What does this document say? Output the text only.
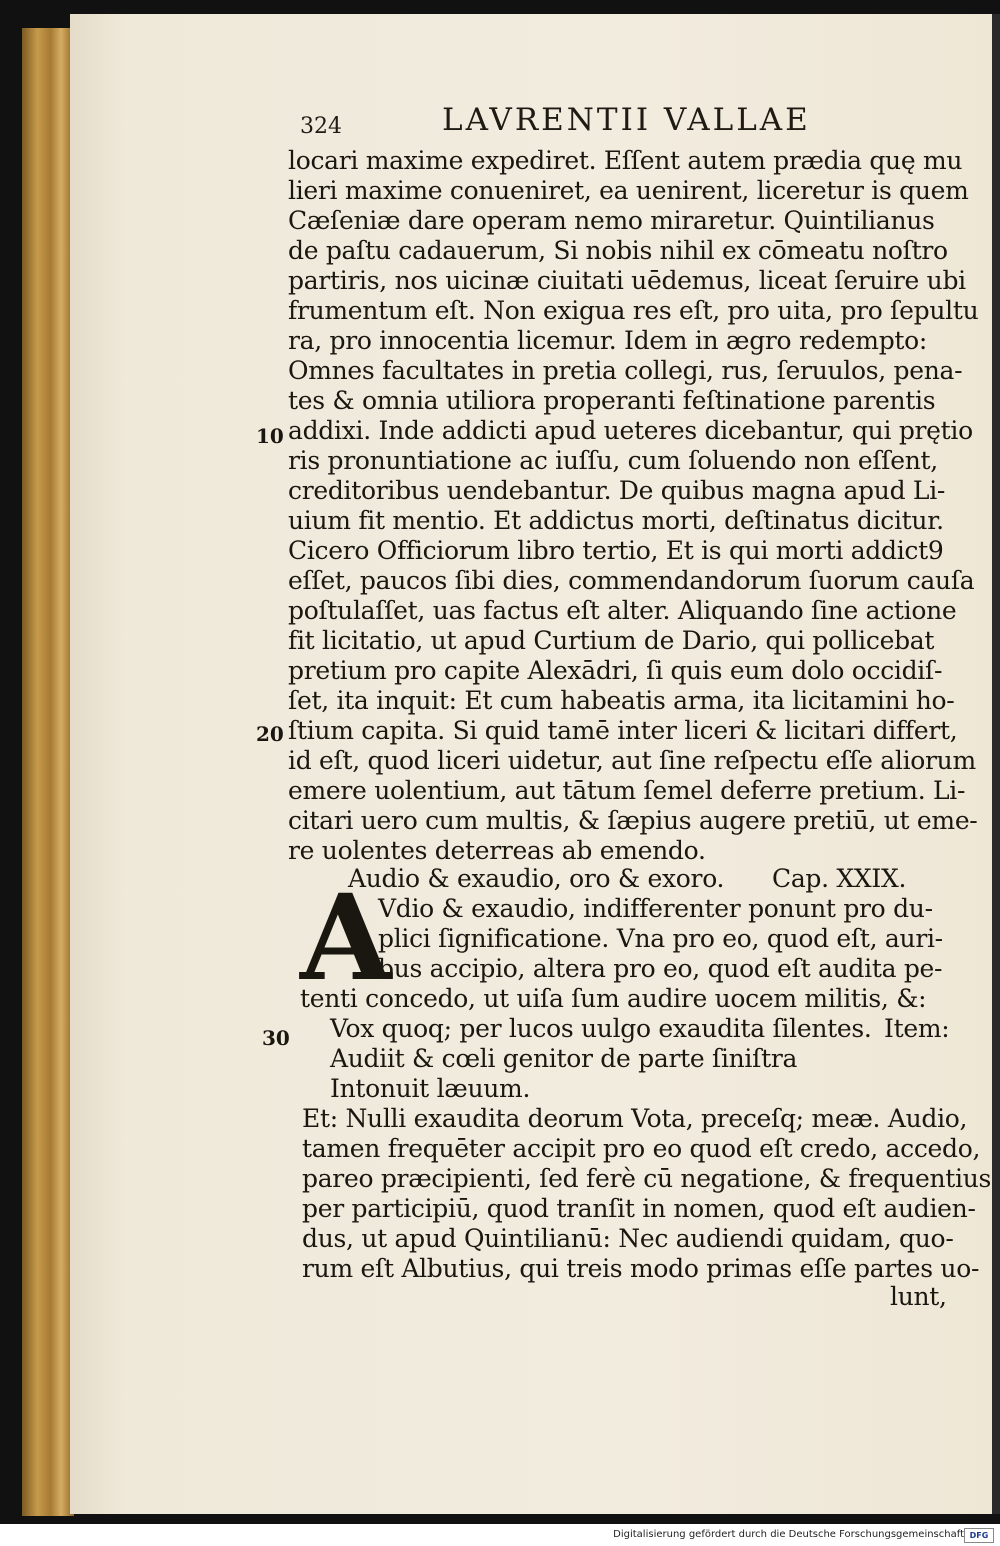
324	LAVRENTII VALLAE
locari maxime expediret. Eſſent autem prædia quę mu
lieri maxime conueniret, ea uenirent, liceretur is quem
Cæſeniæ dare operam nemo miraretur. Quintilianus
de paſtu cadauerum, Si nobis nihil ex cōmeatu noſtro
partiris, nos uicinæ ciuitati uēdemus, liceat ſeruire ubi
frumentum eſt. Non exigua res eſt, pro uita, pro ſepultu
ra, pro innocentia licemur. Idem in ægro redempto:
Omnes facultates in pretia collegi, rus, ſeruulos, pena-
tes & omnia utiliora properanti feſtinatione parentis
addixi. Inde addicti apud ueteres dicebantur, qui prętio
ris pronuntiatione ac iuſſu, cum ſoluendo non eſſent,
creditoribus uendebantur. De quibus magna apud Li-
uium fit mentio. Et addictus morti, deſtinatus dicitur.
Cicero Officiorum libro tertio, Et is qui morti addict9
eſſet, paucos ſibi dies, commendandorum ſuorum cauſa
poſtulaſſet, uas factus eſt alter. Aliquando ſine actione
fit licitatio, ut apud Curtium de Dario, qui pollicebat
pretium pro capite Alexādri, ſi quis eum dolo occidiſ-
ſet, ita inquit: Et cum habeatis arma, ita licitamini ho-
ſtium capita. Si quid tamē inter liceri & licitari differt,
id eſt, quod liceri uidetur, aut ſine reſpectu eſſe aliorum
emere uolentium, aut tātum ſemel deferre pretium. Li-
citari uero cum multis, & ſæpius augere pretiū, ut eme-
re uolentes deterreas ab emendo.
Audio & exaudio, oro & exoro. Cap. XXIX.
A
Vdio & exaudio, indifferenter ponunt pro du-
plici ſignificatione. Vna pro eo, quod eſt, auri-
bus accipio, altera pro eo, quod eſt audita pe-
tenti concedo, ut uiſa ſum audire uocem militis, &:
Vox quoq; per lucos uulgo exaudita ſilentes. Item:
Audiit & cœli genitor de parte ſiniſtra
Intonuit læuum.
Et: Nulli exaudita deorum Vota, preceſq; meæ. Audio,
tamen frequēter accipit pro eo quod eſt credo, accedo,
pareo præcipienti, ſed ferè cū negatione, & frequentius
per participiū, quod tranſit in nomen, quod eſt audien-
dus, ut apud Quintilianū: Nec audiendi quidam, quo-
rum eſt Albutius, qui treis modo primas eſſe partes uo-
lunt,
10
20
30
Digitalisierung gefördert durch die Deutsche Forschungsgemeinschaft DFG
